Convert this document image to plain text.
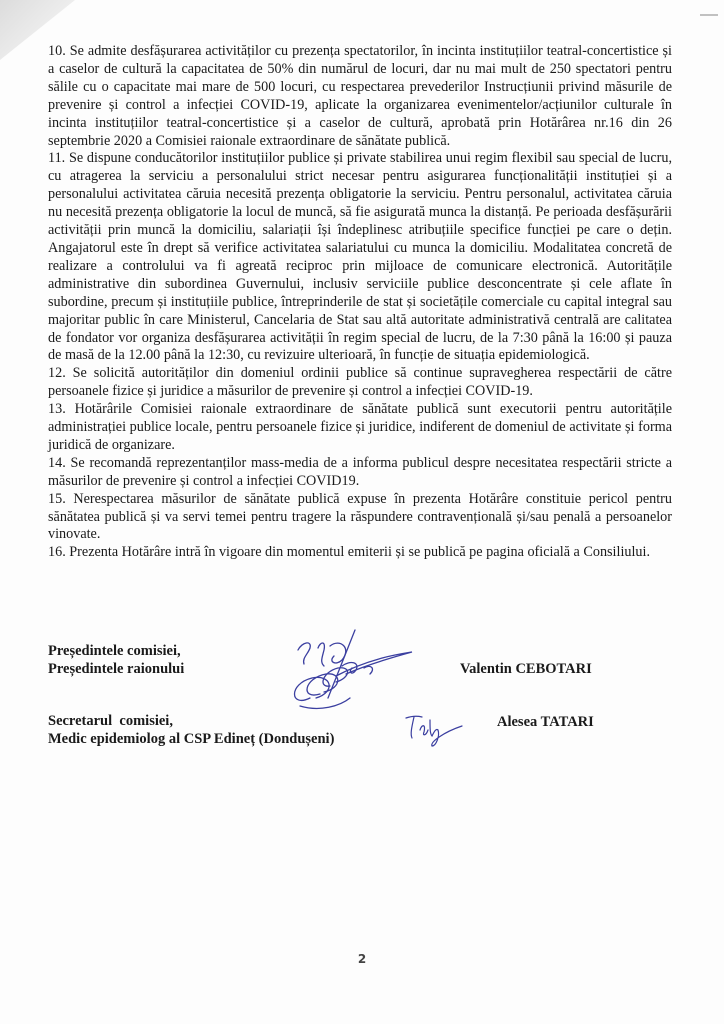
10. Se admite desfășurarea activităților cu prezența spectatorilor, în incinta instituțiilor teatral-concertistice și a caselor de cultură la capacitatea de 50% din numărul de locuri, dar nu mai mult de 250 spectatori pentru sălile cu o capacitate mai mare de 500 locuri, cu respectarea prevederilor Instrucțiunii privind măsurile de prevenire și control a infecției COVID-19, aplicate la organizarea evenimentelor/acțiunilor culturale în incinta instituțiilor teatral-concertistice și a caselor de cultură, aprobată prin Hotărârea nr.16 din 26 septembrie 2020 a Comisiei raionale extraordinare de sănătate publică.

11. Se dispune conducătorilor instituțiilor publice și private stabilirea unui regim flexibil sau special de lucru, cu atragerea la serviciu a personalului strict necesar pentru asigurarea funcționalității instituției și a personalului activitatea căruia necesită prezența obligatorie la serviciu. Pentru personalul, activitatea căruia nu necesită prezența obligatorie la locul de muncă, să fie asigurată munca la distanță. Pe perioada desfășurării activității prin muncă la domiciliu, salariații își îndeplinesc atribuțiile specifice funcției pe care o dețin. Angajatorul este în drept să verifice activitatea salariatului cu munca la domiciliu. Modalitatea concretă de realizare a controlului va fi agreată reciproc prin mijloace de comunicare electronică. Autoritățile administrative din subordinea Guvernului, inclusiv serviciile publice desconcentrate și cele aflate în subordine, precum și instituțiile publice, întreprinderile de stat și societățile comerciale cu capital integral sau majoritar public în care Ministerul, Cancelaria de Stat sau altă autoritate administrativă centrală are calitatea de fondator vor organiza desfășurarea activității în regim special de lucru, de la 7:30 până la 16:00 și pauza de masă de la 12.00 până la 12:30, cu revizuire ulterioară, în funcție de situația epidemiologică.

12. Se solicită autorităților din domeniul ordinii publice să continue supravegherea respectării de către persoanele fizice și juridice a măsurilor de prevenire și control a infecției COVID-19.

13. Hotărârile Comisiei raionale extraordinare de sănătate publică sunt executorii pentru autoritățile administrației publice locale, pentru persoanele fizice și juridice, indiferent de domeniul de activitate și forma juridică de organizare.

14. Se recomandă reprezentanților mass-media de a informa publicul despre necesitatea respectării stricte a măsurilor de prevenire și control a infecției COVID19.

15. Nerespectarea măsurilor de sănătate publică expuse în prezenta Hotărâre constituie pericol pentru sănătatea publică și va servi temei pentru tragere la răspundere contravențională și/sau penală a persoanelor vinovate.

16. Prezenta Hotărâre intră în vigoare din momentul emiterii și se publică pe pagina oficială a Consiliului.

Președintele comisiei,
Președintele raionului	Valentin CEBOTARI
Secretarul  comisiei,
Medic epidemiolog al CSP Edineț (Dondușeni)
Alesea TATARI
2
